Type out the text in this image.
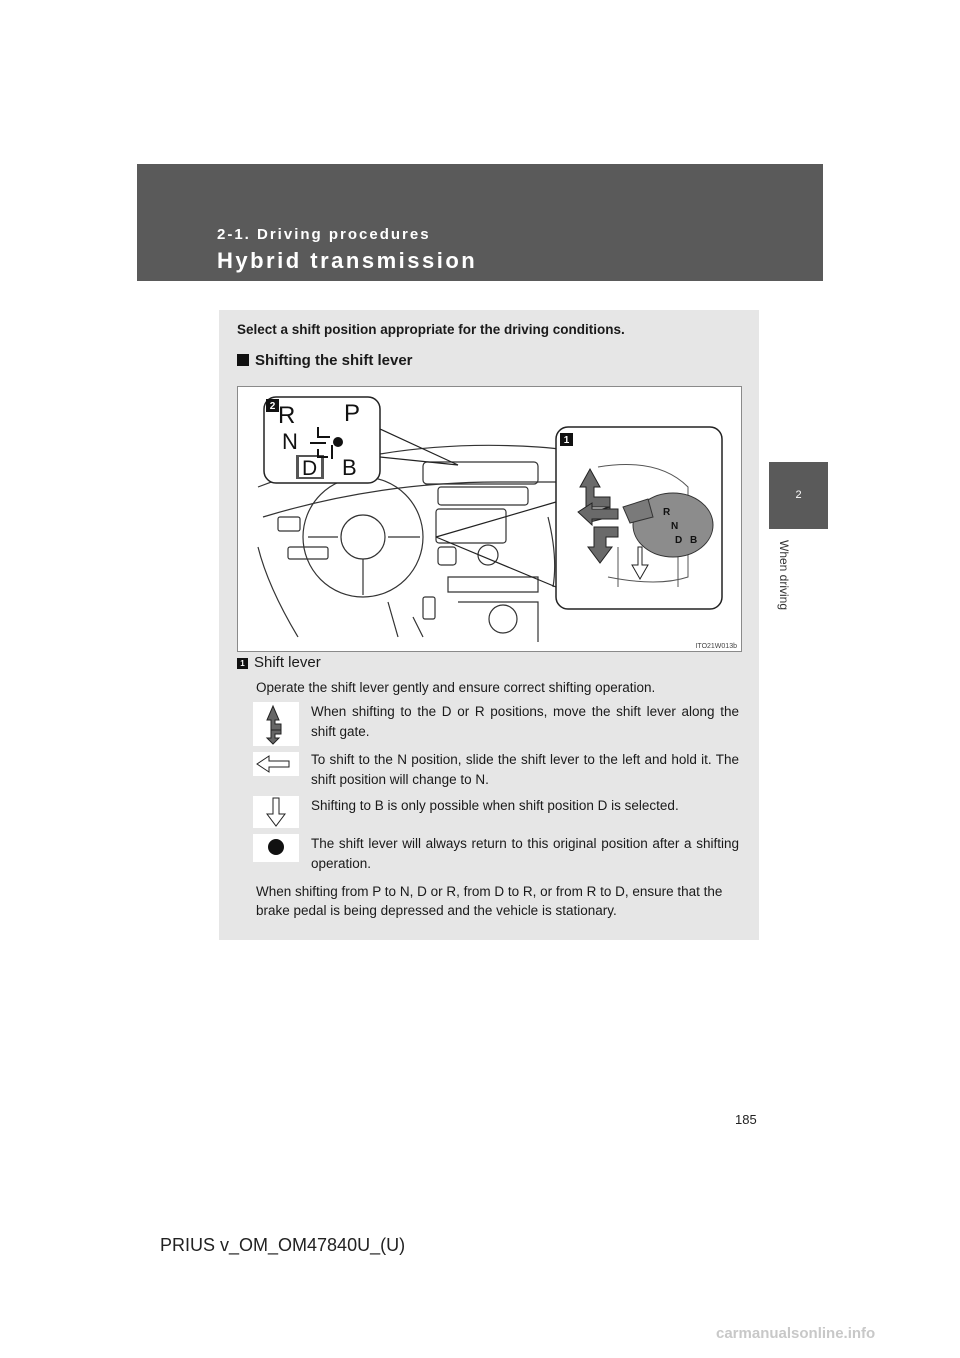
2-1. Driving procedures
Hybrid transmission
2
When driving
Select a shift position appropriate for the driving conditions.
Shifting the shift lever
2 R P
N
D B
1
R
N
D B
ITO21W013b
1 Shift lever
Operate the shift lever gently and ensure correct shifting operation.
When shifting to the D or R positions, move the shift lever along the shift gate.
To shift to the N position, slide the shift lever to the left and hold it. The shift position will change to N.
Shifting to B is only possible when shift position D is selected.
The shift lever will always return to this original position after a shifting operation.
When shifting from P to N, D or R, from D to R, or from R to D, ensure that the brake pedal is being depressed and the vehicle is stationary.
185
PRIUS v_OM_OM47840U_(U)
carmanualsonline.info
